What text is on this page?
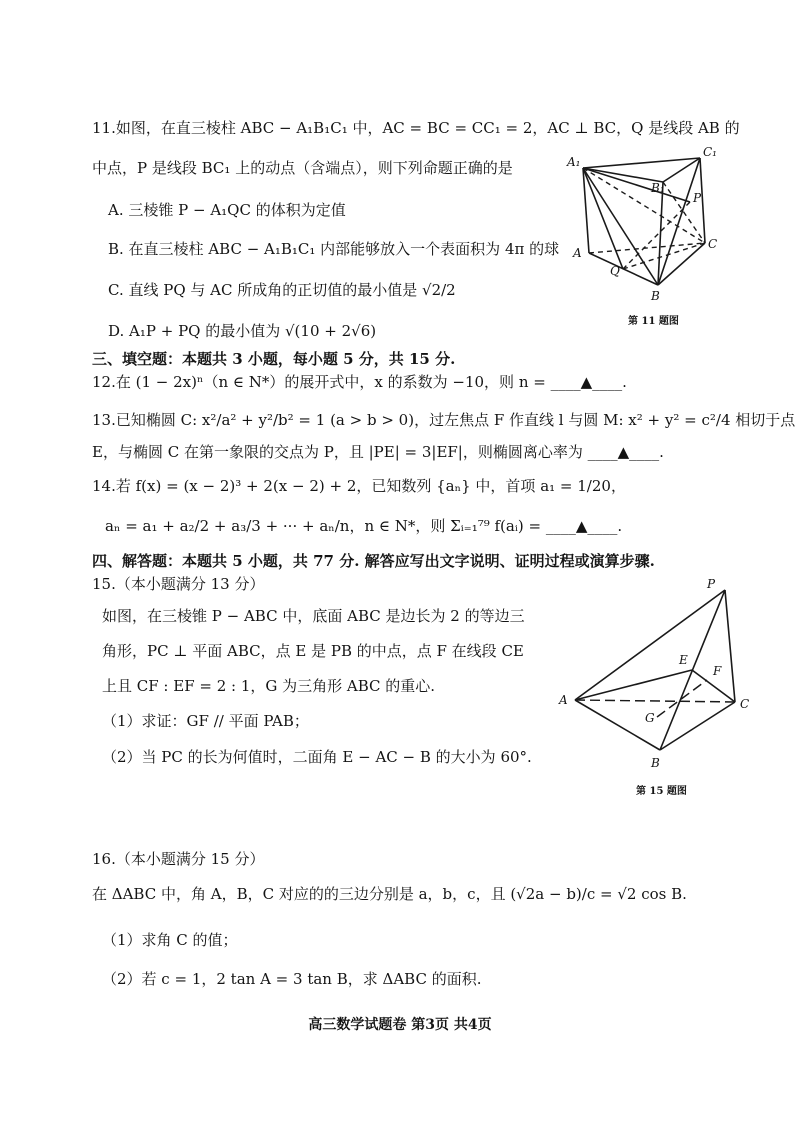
11.如图，在直三棱柱 ABC − A₁B₁C₁ 中，AC = BC = CC₁ = 2，AC ⊥ BC，Q 是线段 AB 的
中点，P 是线段 BC₁ 上的动点（含端点），则下列命题正确的是
A. 三棱锥 P − A₁QC 的体积为定值
B. 在直三棱柱 ABC − A₁B₁C₁ 内部能够放入一个表面积为 4π 的球
C. 直线 PQ 与 AC 所成角的正切值的最小值是 √2/2
D. A₁P + PQ 的最小值为 √(10 + 2√6)
A₁
C₁
B₁
P
A
C
Q
B
第 11 题图
三、填空题：本题共 3 小题，每小题 5 分，共 15 分.
12.在 (1 − 2x)ⁿ（n ∈ N*）的展开式中，x 的系数为 −10，则 n = ____▲____.
13.已知椭圆 C: x²/a² + y²/b² = 1 (a > b > 0)，过左焦点 F 作直线 l 与圆 M: x² + y² = c²/4 相切于点
E，与椭圆 C 在第一象限的交点为 P，且 |PE| = 3|EF|，则椭圆离心率为 ____▲____.
14.若 f(x) = (x − 2)³ + 2(x − 2) + 2，已知数列 {aₙ} 中，首项 a₁ = 1/20，
aₙ = a₁ + a₂/2 + a₃/3 + ··· + aₙ/n，n ∈ N*，则 Σᵢ₌₁⁷⁹ f(aᵢ) = ____▲____.
四、解答题：本题共 5 小题，共 77 分. 解答应写出文字说明、证明过程或演算步骤.
15.（本小题满分 13 分）
如图，在三棱锥 P − ABC 中，底面 ABC 是边长为 2 的等边三
角形，PC ⊥ 平面 ABC，点 E 是 PB 的中点，点 F 在线段 CE
上且 CF : EF = 2 : 1，G 为三角形 ABC 的重心.
（1）求证：GF // 平面 PAB；
（2）当 PC 的长为何值时，二面角 E − AC − B 的大小为 60°.
P
E
F
A	C
G
B
第 15 题图
16.（本小题满分 15 分）
在 ΔABC 中，角 A，B，C 对应的的三边分别是 a，b，c，且 (√2a − b)/c = √2 cos B.
（1）求角 C 的值；
（2）若 c = 1，2 tan A = 3 tan B，求 ΔABC 的面积.
高三数学试题卷 第3页 共4页
